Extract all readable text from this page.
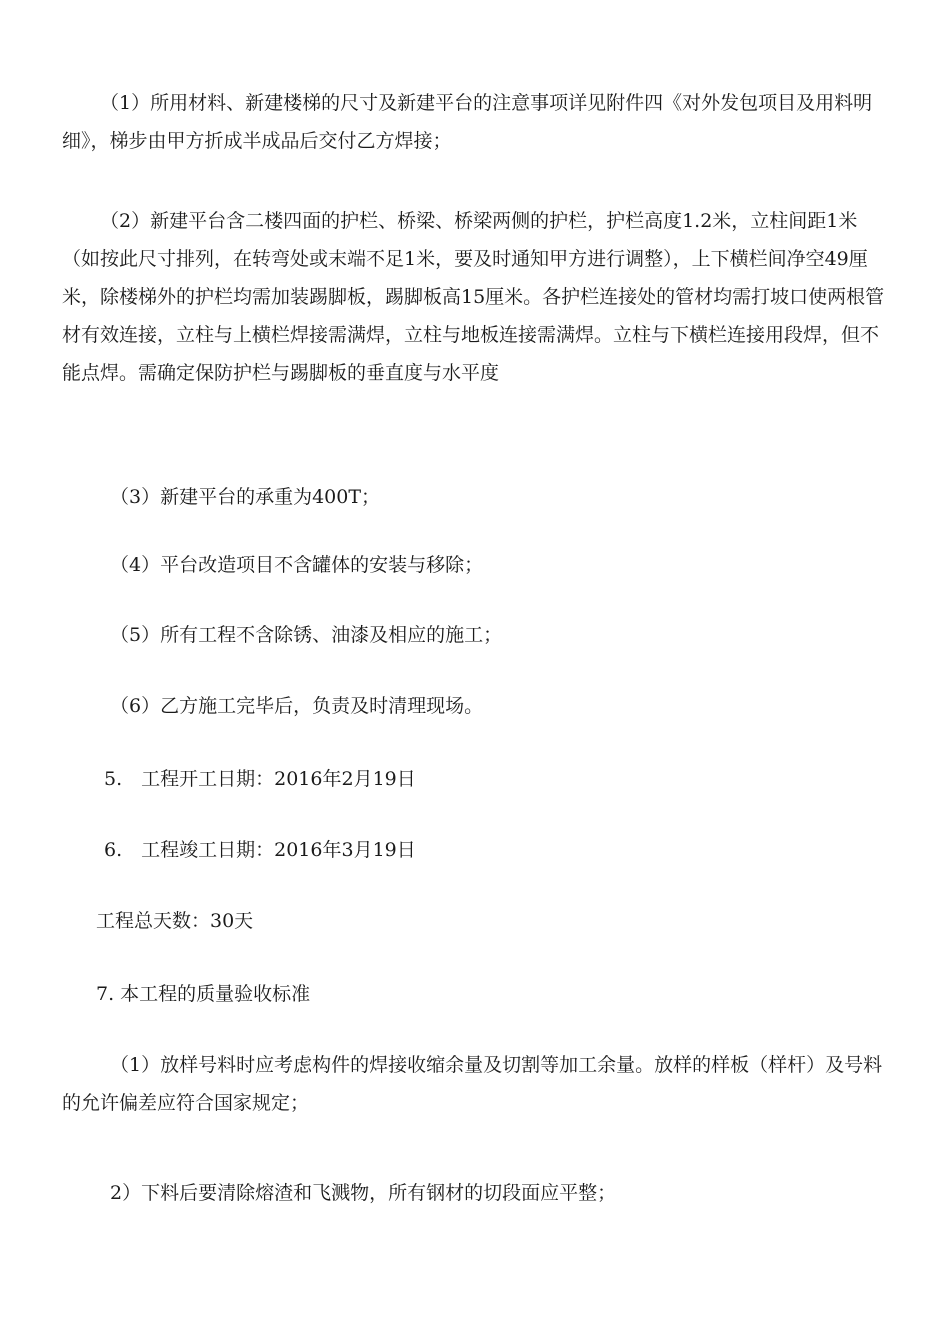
（1）所用材料、新建楼梯的尺寸及新建平台的注意事项详见附件四《对外发包项目及用料明细》，梯步由甲方折成半成品后交付乙方焊接；

（2）新建平台含二楼四面的护栏、桥梁、桥梁两侧的护栏，护栏高度1.2米，立柱间距1米（如按此尺寸排列，在转弯处或末端不足1米，要及时通知甲方进行调整），上下横栏间净空49厘米，除楼梯外的护栏均需加装踢脚板，踢脚板高15厘米。各护栏连接处的管材均需打坡口使两根管材有效连接，立柱与上横栏焊接需满焊，立柱与地板连接需满焊。立柱与下横栏连接用段焊，但不能点焊。需确定保防护栏与踢脚板的垂直度与水平度

（3）新建平台的承重为400T；

（4）平台改造项目不含罐体的安装与移除；

（5）所有工程不含除锈、油漆及相应的施工；

（6）乙方施工完毕后，负责及时清理现场。

5.　工程开工日期：2016年2月19日

6.　工程竣工日期：2016年3月19日

工程总天数：30天

7. 本工程的质量验收标准

（1）放样号料时应考虑构件的焊接收缩余量及切割等加工余量。放样的样板（样杆）及号料的允许偏差应符合国家规定；

2）下料后要清除熔渣和飞溅物，所有钢材的切段面应平整；
